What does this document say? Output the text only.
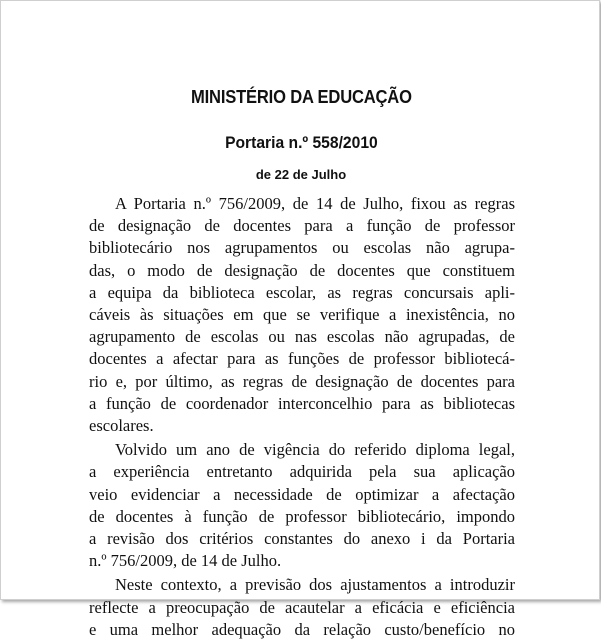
MINISTÉRIO DA EDUCAÇÃO
Portaria n.º 558/2010
de 22 de Julho
A Portaria n.º 756/2009, de 14 de Julho, fixou as regras
de designação de docentes para a função de professor
bibliotecário nos agrupamentos ou escolas não agrupa-
das, o modo de designação de docentes que constituem
a equipa da biblioteca escolar, as regras concursais apli-
cáveis às situações em que se verifique a inexistência, no
agrupamento de escolas ou nas escolas não agrupadas, de
docentes a afectar para as funções de professor bibliotecá-
rio e, por último, as regras de designação de docentes para
a função de coordenador interconcelhio para as bibliotecas
escolares.
Volvido um ano de vigência do referido diploma legal,
a experiência entretanto adquirida pela sua aplicação
veio evidenciar a necessidade de optimizar a afectação
de docentes à função de professor bibliotecário, impondo
a revisão dos critérios constantes do anexo i da Portaria
n.º 756/2009, de 14 de Julho.
Neste contexto, a previsão dos ajustamentos a introduzir
reflecte a preocupação de acautelar a eficácia e eficiência
e uma melhor adequação da relação custo/benefício no
